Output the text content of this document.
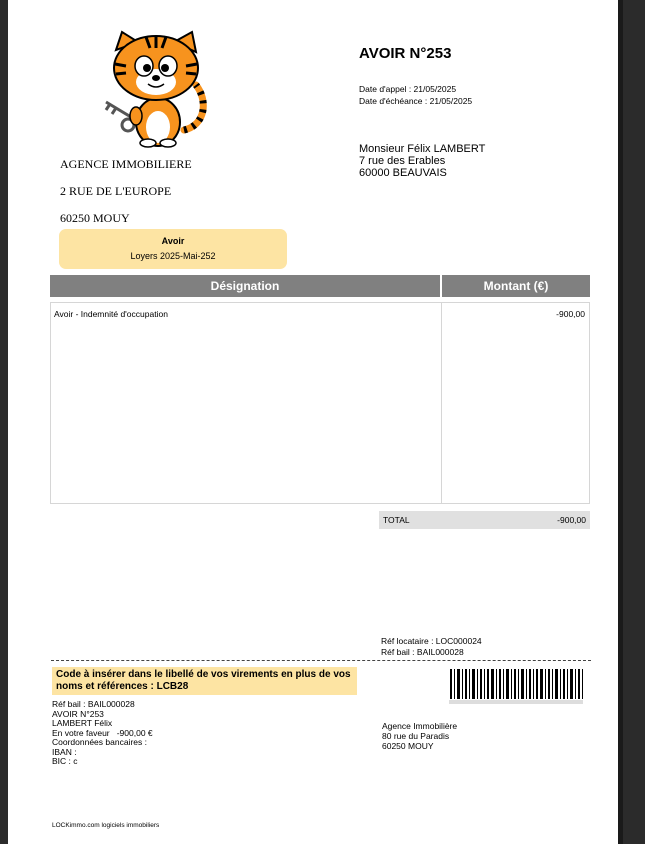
AGENCE IMMOBILIERE
2 RUE DE L'EUROPE
60250 MOUY
AVOIR N°253
Date d'appel : 21/05/2025
Date d'échéance : 21/05/2025
Monsieur Félix LAMBERT
7 rue des Erables
60000 BEAUVAIS
Avoir
Loyers 2025-Mai-252
Désignation	Montant (€)
Avoir - Indemnité d'occupation	-900,00
TOTAL	-900,00
Réf locataire : LOC000024
Réf bail : BAIL000028
Code à insérer dans le libellé de vos virements en plus de vos noms et références : LCB28
Réf bail : BAIL000028
AVOIR N°253
LAMBERT Félix
En votre faveur   -900,00 €
Coordonnées bancaires :
IBAN :
BIC : c
Agence Immobilière
80 rue du Paradis
60250 MOUY
LOCKimmo.com logiciels immobiliers
